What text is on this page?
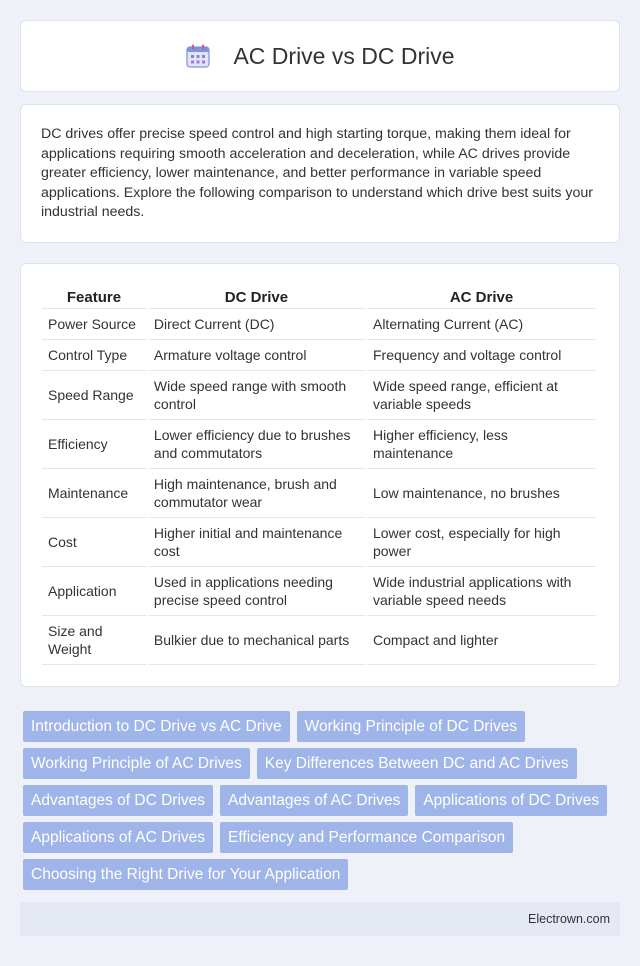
AC Drive vs DC Drive

DC drives offer precise speed control and high starting torque, making them ideal for applications requiring smooth acceleration and deceleration, while AC drives provide greater efficiency, lower maintenance, and better performance in variable speed applications. Explore the following comparison to understand which drive best suits your industrial needs.

Feature	DC Drive	AC Drive
Power Source	Direct Current (DC)	Alternating Current (AC)
Control Type	Armature voltage control	Frequency and voltage control
Speed Range	Wide speed range with smooth control	Wide speed range, efficient at variable speeds
Efficiency	Lower efficiency due to brushes and commutators	Higher efficiency, less maintenance
Maintenance	High maintenance, brush and commutator wear	Low maintenance, no brushes
Cost	Higher initial and maintenance cost	Lower cost, especially for high power
Application	Used in applications needing precise speed control	Wide industrial applications with variable speed needs
Size and Weight	Bulkier due to mechanical parts	Compact and lighter
Introduction to DC Drive vs AC Drive	Working Principle of DC Drives
Working Principle of AC Drives	Key Differences Between DC and AC Drives
Advantages of DC Drives	Advantages of AC Drives	Applications of DC Drives
Applications of AC Drives	Efficiency and Performance Comparison
Choosing the Right Drive for Your Application
Electrown.com
